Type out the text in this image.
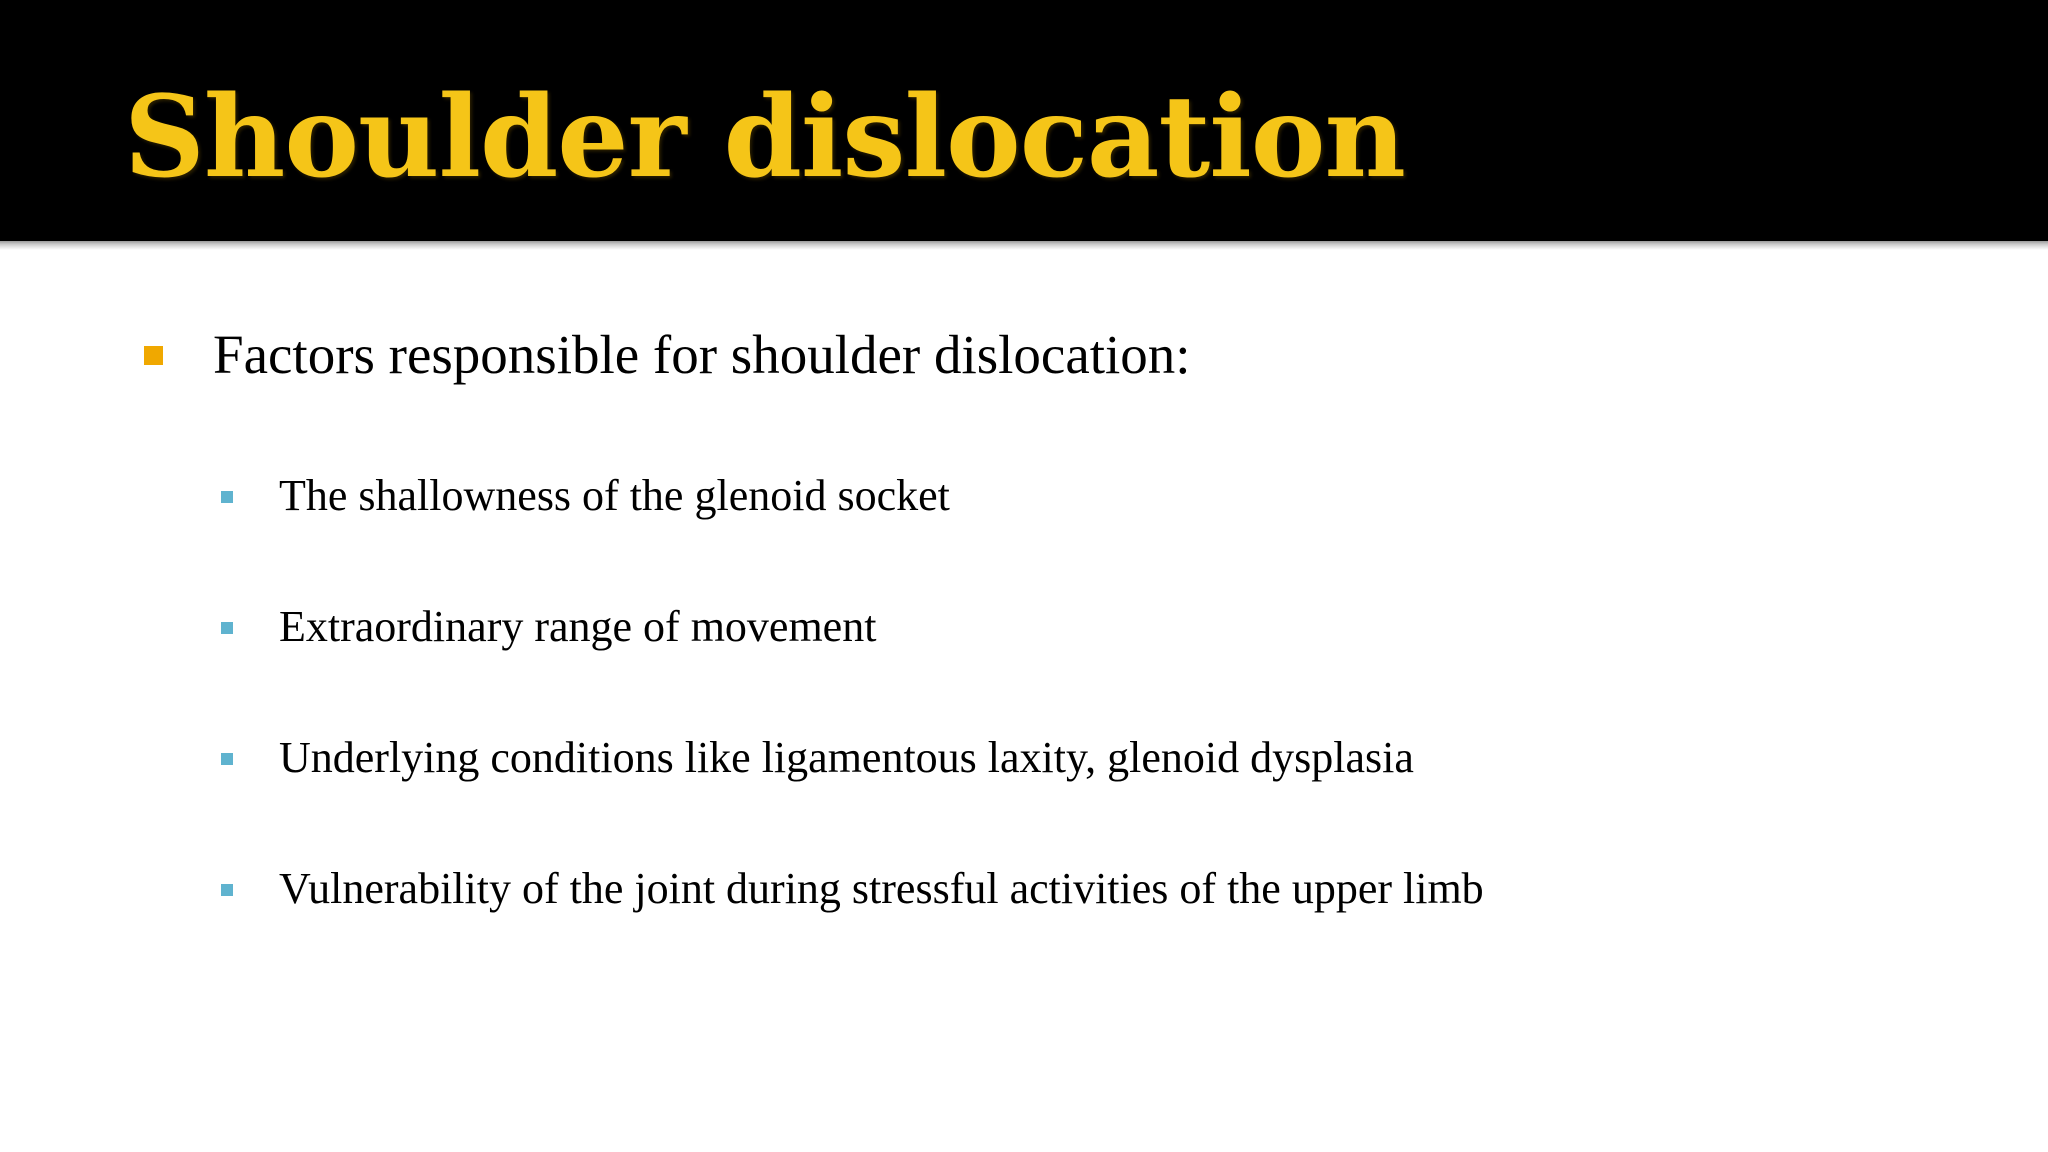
Shoulder dislocation
Factors responsible for shoulder dislocation:
The shallowness of the glenoid socket
Extraordinary range of movement
Underlying conditions like ligamentous laxity, glenoid dysplasia
Vulnerability of the joint during stressful activities of the upper limb
